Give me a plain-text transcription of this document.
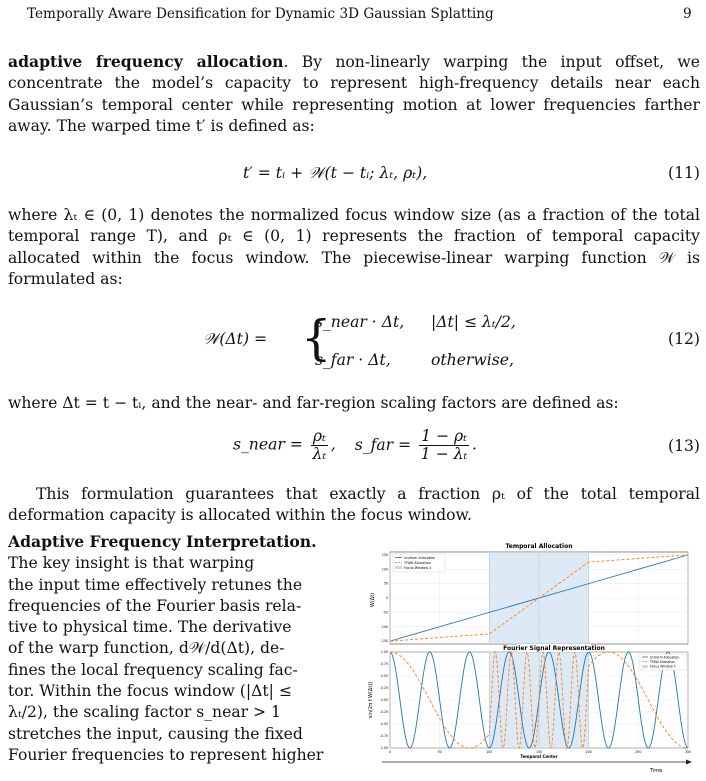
Temporally Aware Densification for Dynamic 3D Gaussian Splatting	9
adaptive frequency allocation. By non-linearly warping the input offset, we concentrate the model’s capacity to represent high-frequency details near each Gaussian’s temporal center while representing motion at lower frequencies farther away. The warped time t′ is defined as:
t′ = tᵢ + 𝒲(t − tᵢ; λₜ, ρₜ),	(11)
where λₜ ∈ (0, 1) denotes the normalized focus window size (as a fraction of the total temporal range T), and ρₜ ∈ (0, 1) represents the fraction of temporal capacity allocated within the focus window. The piecewise-linear warping function 𝒲 is formulated as:
𝒲(Δt) = {
s_near · Δt, |Δt| ≤ λₜ/2,
s_far · Δt,	otherwise,
(12)
where Δt = t − tᵢ, and the near- and far-region scaling factors are defined as:
s_near = $\frac{\text{ρₜ}}{\text{λₜ}}$ , s_far = $\frac{\text{1 − ρₜ}}{\text{1 − λₜ}}$ .	(13)
This formulation guarantees that exactly a fraction ρₜ of the total temporal deformation capacity is allocated within the focus window.
Adaptive Frequency Interpretation. The key insight is that warping
the input time effectively retunes the
frequencies of the Fourier basis rela-
tive to physical time. The derivative
of the warp function, d𝒲/d(Δt), de-
fines the local frequency scaling fac-
tor. Within the focus window (|Δt| ≤
λₜ/2), the scaling factor s_near > 1
stretches the input, causing the fixed
Fourier frequencies to represent higher
Temporal Allocation
W(Δt)
150
100
50
0
-50
-100
-150
Uniform Allocation
TFAW Allocation
Focus Window λ
Fourier Signal Representation
sin(2π f W(Δt))
1.00
0.75
0.50
0.25
0.00
-0.25
-0.50
-0.75
-1.00
0	50	100	150	200	250	300
Temporal Center
Uniform Allocation
TFAW Allocation
Focus Window λ
Time
